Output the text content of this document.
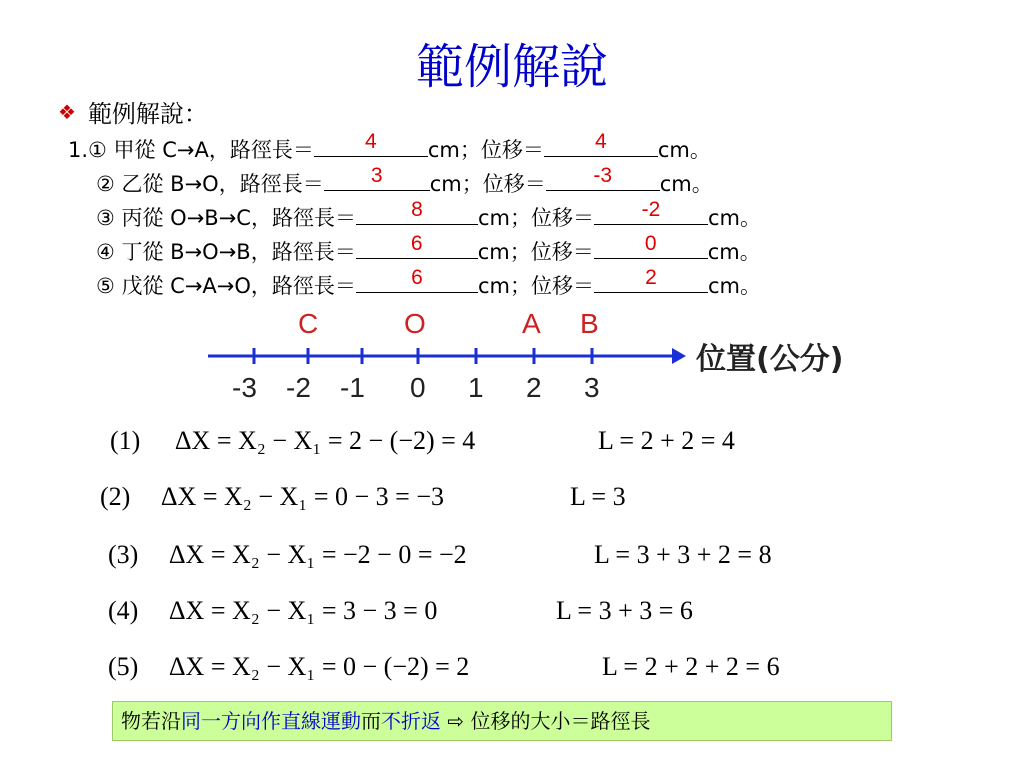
範例解說
❖ 範例解說：
1.① 甲從 C→A，路徑長＝	4	cm；位移＝	4	cm。
② 乙從 B→O，路徑長＝	3	cm；位移＝	-3	cm。
③ 丙從 O→B→C，路徑長＝	8	cm；位移＝	-2	cm。
④ 丁從 B→O→B，路徑長＝	6	cm；位移＝	0	cm。
⑤ 戊從 C→A→O，路徑長＝	6	cm；位移＝	2	cm。
C	O	A B
-3 -2 -1 0 1 2 3
位置(公分)
(1) ΔX = X₂ − X₁ = 2 − (−2) = 4	L = 2 + 2 = 4
(2) ΔX = X₂ − X₁ = 0 − 3 = −3	L = 3
(3) ΔX = X₂ − X₁ = −2 − 0 = −2	L = 3 + 3 + 2 = 8
(4) ΔX = X₂ − X₁ = 3 − 3 = 0	L = 3 + 3 = 6
(5) ΔX = X₂ − X₁ = 0 − (−2) = 2	L = 2 + 2 + 2 = 6
物若沿同一方向作直線運動而不折返 ⇨ 位移的大小＝路徑長
